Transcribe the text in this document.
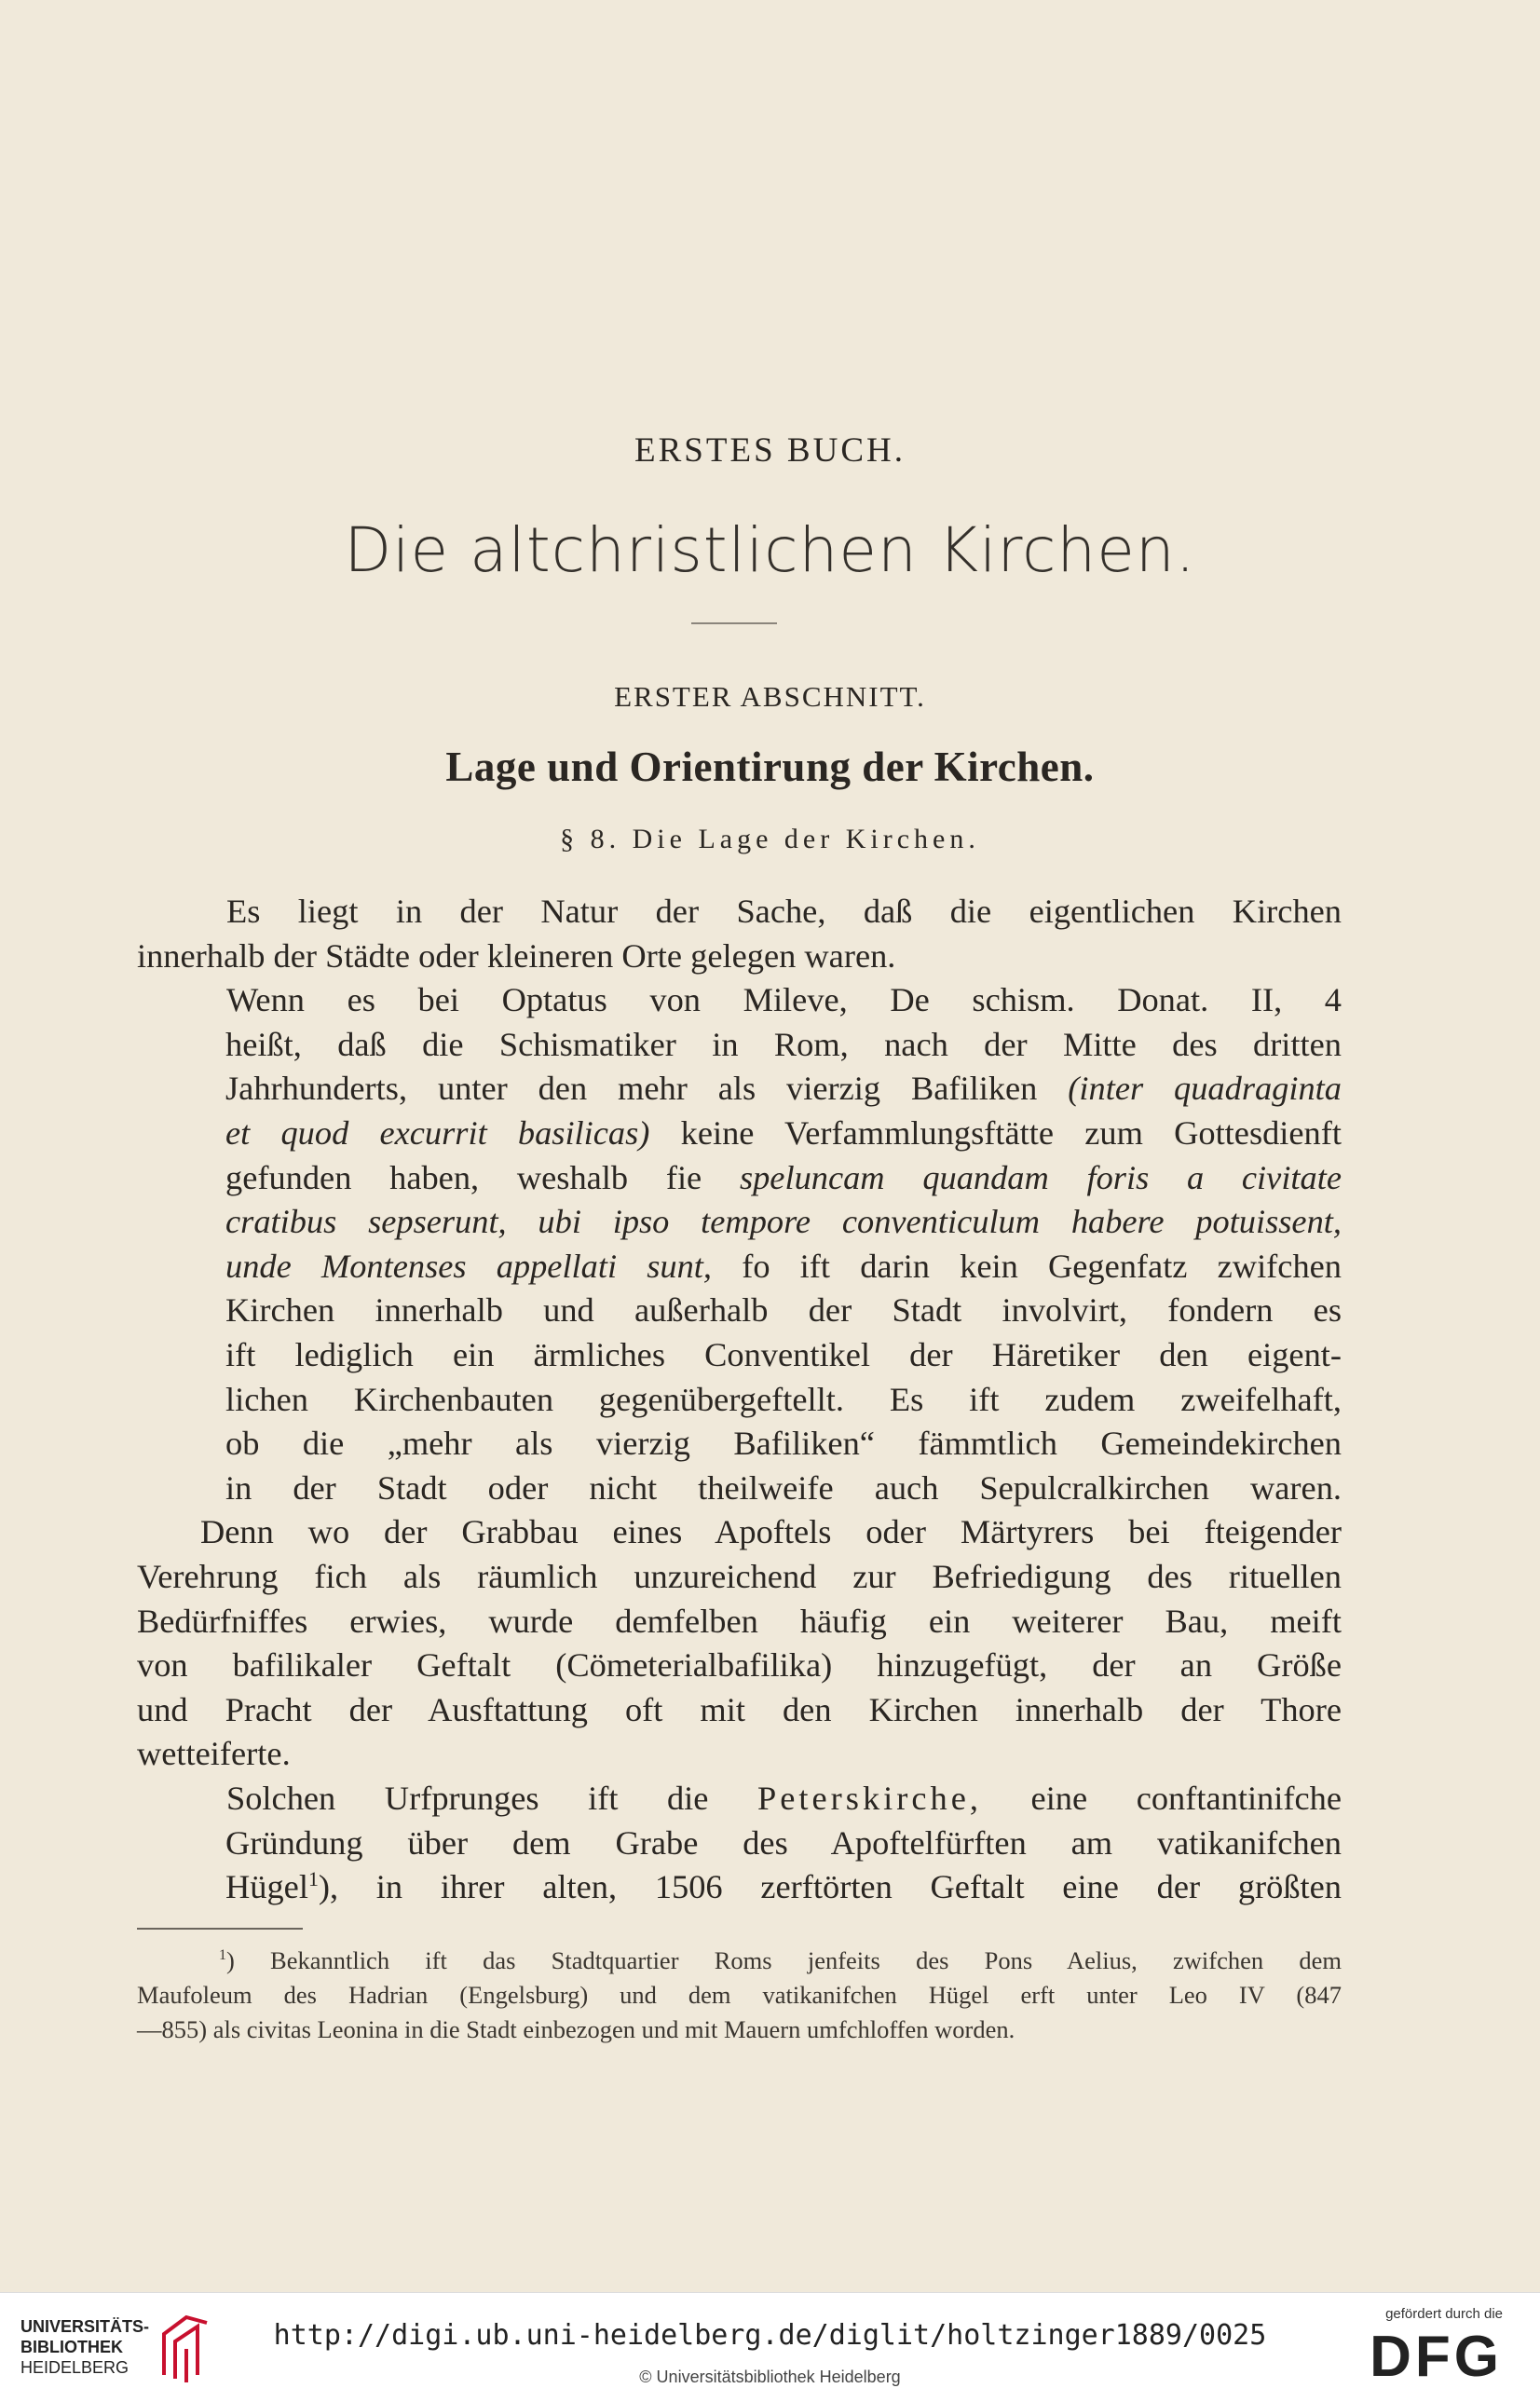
ERSTES BUCH.
Die altchristlichen Kirchen.
ERSTER ABSCHNITT.
Lage und Orientirung der Kirchen.
§ 8. Die Lage der Kirchen.
Es liegt in der Natur der Sache, daß die eigentlichen Kirchen
innerhalb der Städte oder kleineren Orte gelegen waren.
Wenn es bei Optatus von Mileve, De schism. Donat. II, 4
heißt, daß die Schismatiker in Rom, nach der Mitte des dritten
Jahrhunderts, unter den mehr als vierzig Bafiliken (inter quadraginta
et quod excurrit basilicas) keine Verfammlungsftätte zum Gottesdienft
gefunden haben, weshalb fie speluncam quandam foris a civitate
cratibus sepserunt, ubi ipso tempore conventiculum habere potuissent,
unde Montenses appellati sunt, fo ift darin kein Gegenfatz zwifchen
Kirchen innerhalb und außerhalb der Stadt involvirt, fondern es
ift lediglich ein ärmliches Conventikel der Häretiker den eigent-
lichen Kirchenbauten gegenübergeftellt. Es ift zudem zweifelhaft,
ob die „mehr als vierzig Bafiliken“ fämmtlich Gemeindekirchen
in der Stadt oder nicht theilweife auch Sepulcralkirchen waren.
Denn wo der Grabbau eines Apoftels oder Märtyrers bei fteigender
Verehrung fich als räumlich unzureichend zur Befriedigung des rituellen
Bedürfniffes erwies, wurde demfelben häufig ein weiterer Bau, meift
von bafilikaler Geftalt (Cömeterialbafilika) hinzugefügt, der an Größe
und Pracht der Ausftattung oft mit den Kirchen innerhalb der Thore
wetteiferte.
Solchen Urfprunges ift die Peterskirche, eine conftantinifche
Gründung über dem Grabe des Apoftelfürften am vatikanifchen
Hügel$^1$), in ihrer alten, 1506 zerftörten Geftalt eine der größten
$^1$) Bekanntlich ift das Stadtquartier Roms jenfeits des Pons Aelius, zwifchen dem
Maufoleum des Hadrian (Engelsburg) und dem vatikanifchen Hügel erft unter Leo IV (847
—855) als civitas Leonina in die Stadt einbezogen und mit Mauern umfchloffen worden.
UNIVERSITÄTS-
BIBLIOTHEK
HEIDELBERG
http://digi.ub.uni-heidelberg.de/diglit/holtzinger1889/0025
© Universitätsbibliothek Heidelberg
gefördert durch die
DFG
